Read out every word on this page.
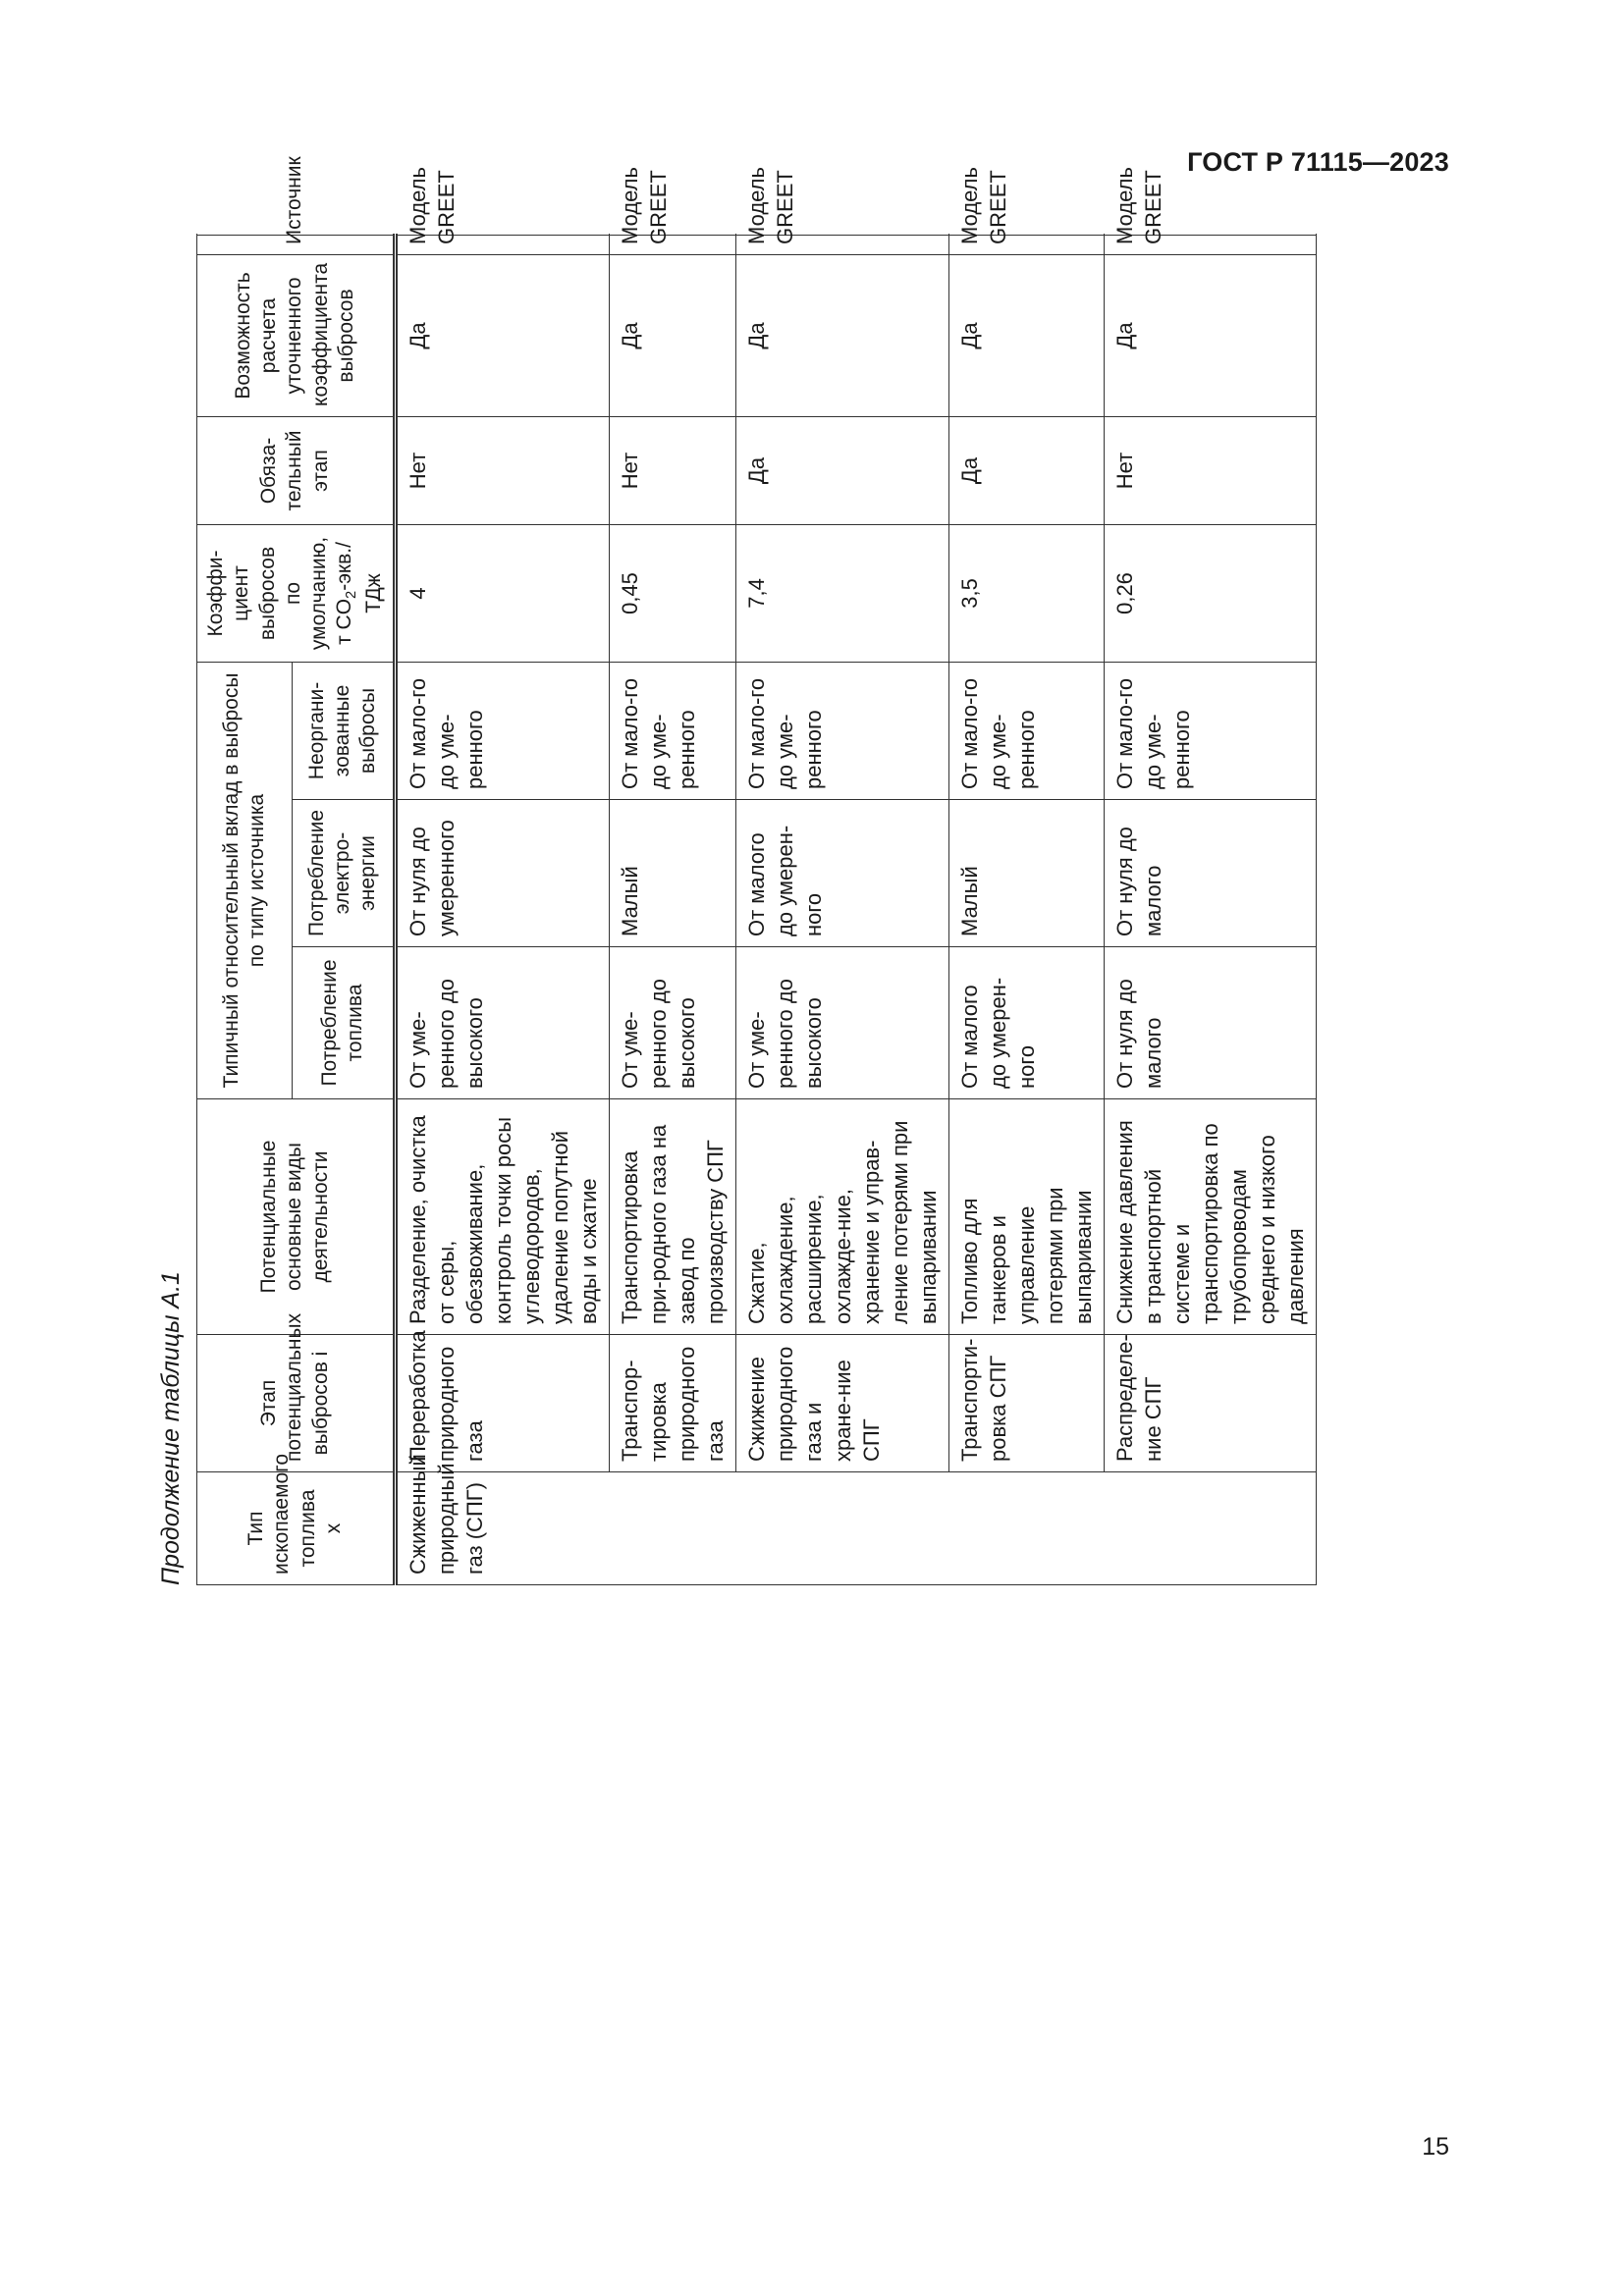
ГОСТ Р 71115—2023
Продолжение таблицы А.1	Тип ископаемого топлива x	Этап потенциальных выбросов i	Потенциальные основные виды деятельности	Типичный относительный вклад в выбросы по типу источника			Коэффи-циент выбросов по умолчанию, т $CO_2-экв$./ТДж	Обяза-тельный этап	Возможность расчета уточненного коэффициента выбросов	Источник
			Потребление топлива	Потребление электро-энергии	Неоргани-зованные выбросы				
Сжиженный природный газ (СПГ)	Переработка природного газа	Разделение, очистка от серы, обезвоживание, контроль точки росы углеводородов, удаление попутной воды и сжатие	От уме-ренного до высокого	От нуля до умеренного	От мало-го до уме-ренного	4	Нет	Да	Модель GREET
	Транспор-тировка природного газа	Транспортировка при-родного газа на завод по производству СПГ	От уме-ренного до высокого	Малый	От мало-го до уме-ренного	0,45	Нет	Да	Модель GREET
	Сжижение природного газа и хране-ние СПГ	Сжатие, охлаждение, расширение, охлажде-ние, хранение и управ-ление потерями при выпаривании	От уме-ренного до высокого	От малого до умерен-ного	От мало-го до уме-ренного	7,4	Да	Да	Модель GREET
	Транспорти-ровка СПГ	Топливо для танкеров и управление потерями при выпаривании	От малого до умерен-ного	Малый	От мало-го до уме-ренного	3,5	Да	Да	Модель GREET
	Распределе-ние СПГ	Снижение давления в транспортной системе и транспортировка по трубопроводам среднего и низкого давления	От нуля до малого	От нуля до малого	От мало-го до уме-ренного	0,26	Нет	Да	Модель GREET
15
